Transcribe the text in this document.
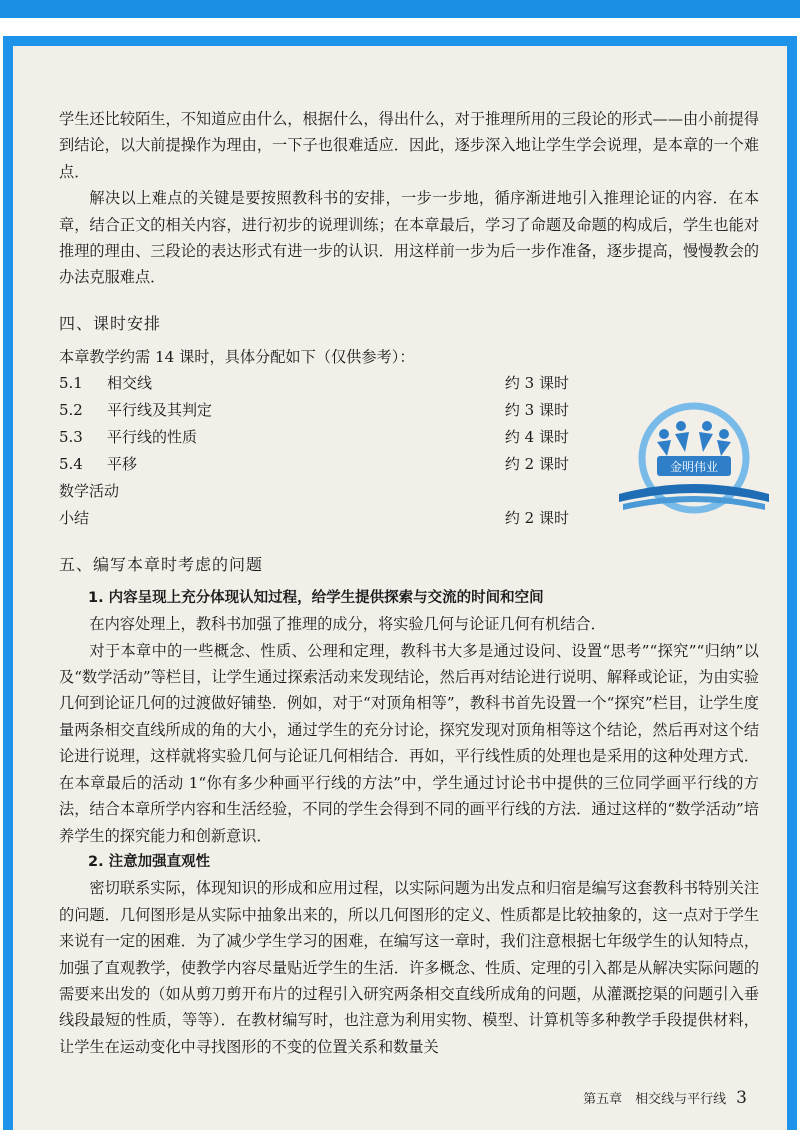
学生还比较陌生，不知道应由什么，根据什么，得出什么，对于推理所用的三段论的形式——由小前提得到结论，以大前提操作为理由，一下子也很难适应．因此，逐步深入地让学生学会说理，是本章的一个难点．

解决以上难点的关键是要按照教科书的安排，一步一步地，循序渐进地引入推理论证的内容．在本章，结合正文的相关内容，进行初步的说理训练；在本章最后，学习了命题及命题的构成后，学生也能对推理的理由、三段论的表达形式有进一步的认识．用这样前一步为后一步作准备，逐步提高，慢慢教会的办法克服难点．

四、课时安排
本章教学约需 14 课时，具体分配如下（仅供参考）：
5.1	相交线	约 3 课时
5.2	平行线及其判定	约 3 课时
5.3	平行线的性质	约 4 课时
5.4	平移	约 2 课时
数学活动
小结	约 2 课时
五、编写本章时考虑的问题
1. 内容呈现上充分体现认知过程，给学生提供探索与交流的时间和空间

在内容处理上，教科书加强了推理的成分，将实验几何与论证几何有机结合．

对于本章中的一些概念、性质、公理和定理，教科书大多是通过设问、设置“思考”“探究”“归纳”以及“数学活动”等栏目，让学生通过探索活动来发现结论，然后再对结论进行说明、解释或论证，为由实验几何到论证几何的过渡做好铺垫．例如，对于“对顶角相等”，教科书首先设置一个“探究”栏目，让学生度量两条相交直线所成的角的大小，通过学生的充分讨论，探究发现对顶角相等这个结论，然后再对这个结论进行说理，这样就将实验几何与论证几何相结合．再如，平行线性质的处理也是采用的这种处理方式．在本章最后的活动 1“你有多少种画平行线的方法”中，学生通过讨论书中提供的三位同学画平行线的方法，结合本章所学内容和生活经验，不同的学生会得到不同的画平行线的方法．通过这样的“数学活动”培养学生的探究能力和创新意识．

2. 注意加强直观性

密切联系实际，体现知识的形成和应用过程，以实际问题为出发点和归宿是编写这套教科书特别关注的问题．几何图形是从实际中抽象出来的，所以几何图形的定义、性质都是比较抽象的，这一点对于学生来说有一定的困难．为了减少学生学习的困难，在编写这一章时，我们注意根据七年级学生的认知特点，加强了直观教学，使教学内容尽量贴近学生的生活．许多概念、性质、定理的引入都是从解决实际问题的需要来出发的（如从剪刀剪开布片的过程引入研究两条相交直线所成角的问题，从灌溉挖渠的问题引入垂线段最短的性质，等等）．在教材编写时，也注意为利用实物、模型、计算机等多种教学手段提供材料，让学生在运动变化中寻找图形的不变的位置关系和数量关

金明伟业
第五章　相交线与平行线 3
